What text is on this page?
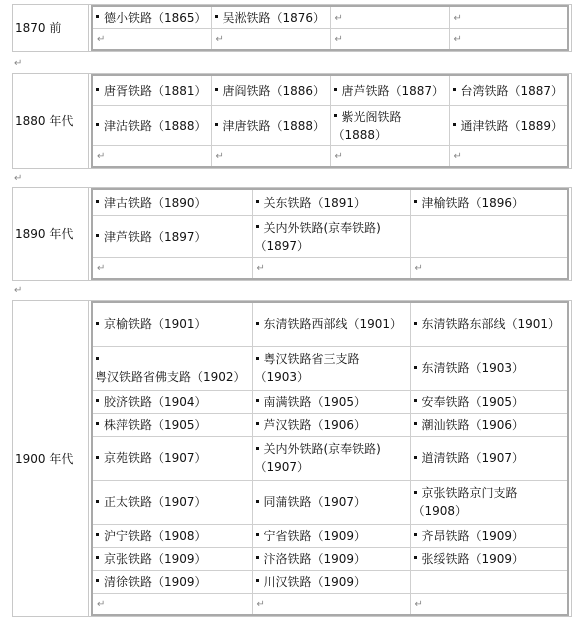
1870 前	
德小铁路（1865）	吴淞铁路（1876）	↵	↵
↵	↵	↵	↵
↵
1880 年代	
唐胥铁路（1881）	唐阎铁路（1886）	唐芦铁路（1887）	台湾铁路（1887）
津沽铁路（1888）	津唐铁路（1888）	紫光阁铁路（1888）	通津铁路（1889）
↵	↵	↵	↵
↵
1890 年代	
津古铁路（1890）	关东铁路（1891）	津榆铁路（1896）
津芦铁路（1897）	关内外铁路(京奉铁路)（1897）	
↵	↵	↵
↵
1900 年代	
京榆铁路（1901）	东清铁路西部线（1901）	东清铁路东部线（1901）
粤汉铁路省佛支路（1902）	粤汉铁路省三支路（1903）	东清铁路（1903）
胶济铁路（1904）	南满铁路（1905）	安奉铁路（1905）
株萍铁路（1905）	芦汉铁路（1906）	潮汕铁路（1906）
京苑铁路（1907）	关内外铁路(京奉铁路)（1907）	道清铁路（1907）
正太铁路（1907）	同蒲铁路（1907）	京张铁路京门支路（1908）
沪宁铁路（1908）	宁省铁路（1909）	齐昂铁路（1909）
京张铁路（1909）	汴洛铁路（1909）	张绥铁路（1909）
清徐铁路（1909）	川汉铁路（1909）	
↵	↵	↵
